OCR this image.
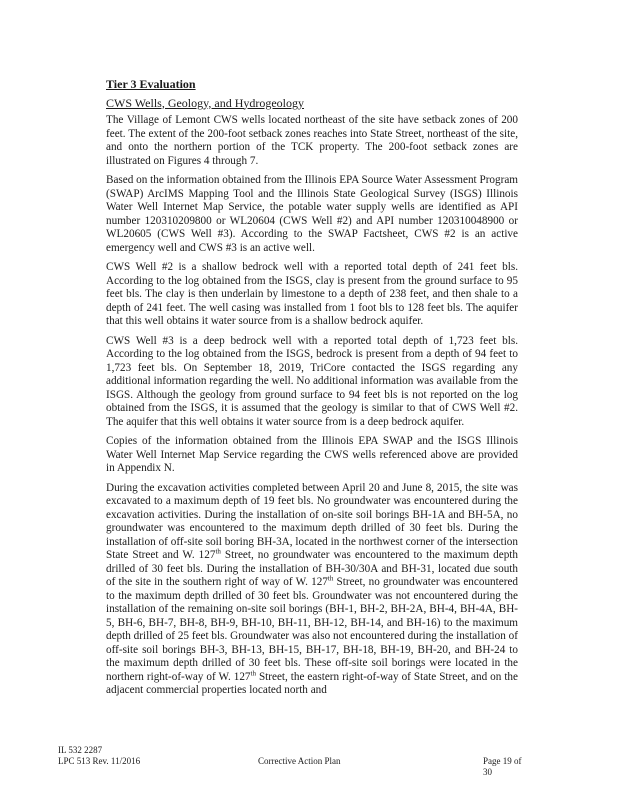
Tier 3 Evaluation
CWS Wells, Geology, and Hydrogeology

The Village of Lemont CWS wells located northeast of the site have setback zones of 200 feet. The extent of the 200-foot setback zones reaches into State Street, northeast of the site, and onto the northern portion of the TCK property. The 200-foot setback zones are illustrated on Figures 4 through 7.

Based on the information obtained from the Illinois EPA Source Water Assessment Program (SWAP) ArcIMS Mapping Tool and the Illinois State Geological Survey (ISGS) Illinois Water Well Internet Map Service, the potable water supply wells are identified as API number 120310209800 or WL20604 (CWS Well #2) and API number 120310048900 or WL20605 (CWS Well #3). According to the SWAP Factsheet, CWS #2 is an active emergency well and CWS #3 is an active well.

CWS Well #2 is a shallow bedrock well with a reported total depth of 241 feet bls. According to the log obtained from the ISGS, clay is present from the ground surface to 95 feet bls. The clay is then underlain by limestone to a depth of 238 feet, and then shale to a depth of 241 feet. The well casing was installed from 1 foot bls to 128 feet bls. The aquifer that this well obtains it water source from is a shallow bedrock aquifer.

CWS Well #3 is a deep bedrock well with a reported total depth of 1,723 feet bls. According to the log obtained from the ISGS, bedrock is present from a depth of 94 feet to 1,723 feet bls. On September 18, 2019, TriCore contacted the ISGS regarding any additional information regarding the well. No additional information was available from the ISGS. Although the geology from ground surface to 94 feet bls is not reported on the log obtained from the ISGS, it is assumed that the geology is similar to that of CWS Well #2. The aquifer that this well obtains it water source from is a deep bedrock aquifer.

Copies of the information obtained from the Illinois EPA SWAP and the ISGS Illinois Water Well Internet Map Service regarding the CWS wells referenced above are provided in Appendix N.

During the excavation activities completed between April 20 and June 8, 2015, the site was excavated to a maximum depth of 19 feet bls. No groundwater was encountered during the excavation activities. During the installation of on-site soil borings BH-1A and BH-5A, no groundwater was encountered to the maximum depth drilled of 30 feet bls. During the installation of off-site soil boring BH-3A, located in the northwest corner of the intersection State Street and W. 127th Street, no groundwater was encountered to the maximum depth drilled of 30 feet bls. During the installation of BH-30/30A and BH-31, located due south of the site in the southern right of way of W. 127th Street, no groundwater was encountered to the maximum depth drilled of 30 feet bls. Groundwater was not encountered during the installation of the remaining on-site soil borings (BH-1, BH-2, BH-2A, BH-4, BH-4A, BH-5, BH-6, BH-7, BH-8, BH-9, BH-10, BH-11, BH-12, BH-14, and BH-16) to the maximum depth drilled of 25 feet bls. Groundwater was also not encountered during the installation of off-site soil borings BH-3, BH-13, BH-15, BH-17, BH-18, BH-19, BH-20, and BH-24 to the maximum depth drilled of 30 feet bls. These off-site soil borings were located in the northern right-of-way of W. 127th Street, the eastern right-of-way of State Street, and on the adjacent commercial properties located north and

IL 532 2287
LPC 513 Rev. 11/2016	Corrective Action Plan	Page 19 of 30
